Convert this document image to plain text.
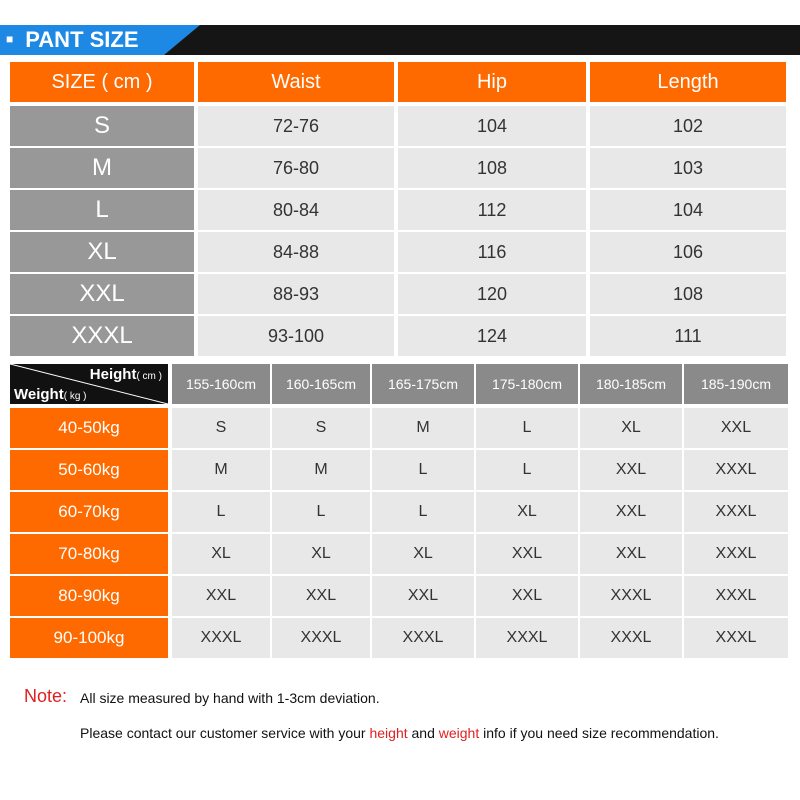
■ PANT SIZE
SIZE ( cm )	Waist	Hip	Length
S	72-76	104	102
M	76-80	108	103
L	80-84	112	104
XL	84-88	116	106
XXL	88-93	120	108
XXXL	93-100	124	111
Height( cm )
Weight( kg )
155-160cm	160-165cm	165-175cm	175-180cm	180-185cm	185-190cm
40-50kg	S	S	M	L	XL	XXL
50-60kg	M	M	L	L	XXL	XXXL
60-70kg	L	L	L	XL	XXL	XXXL
70-80kg	XL	XL	XL	XXL	XXL	XXXL
80-90kg	XXL	XXL	XXL	XXL	XXXL	XXXL
90-100kg	XXXL	XXXL	XXXL	XXXL	XXXL	XXXL
Note: All size measured by hand with 1-3cm deviation.
Please contact our customer service with your height and weight info if you need size recommendation.
